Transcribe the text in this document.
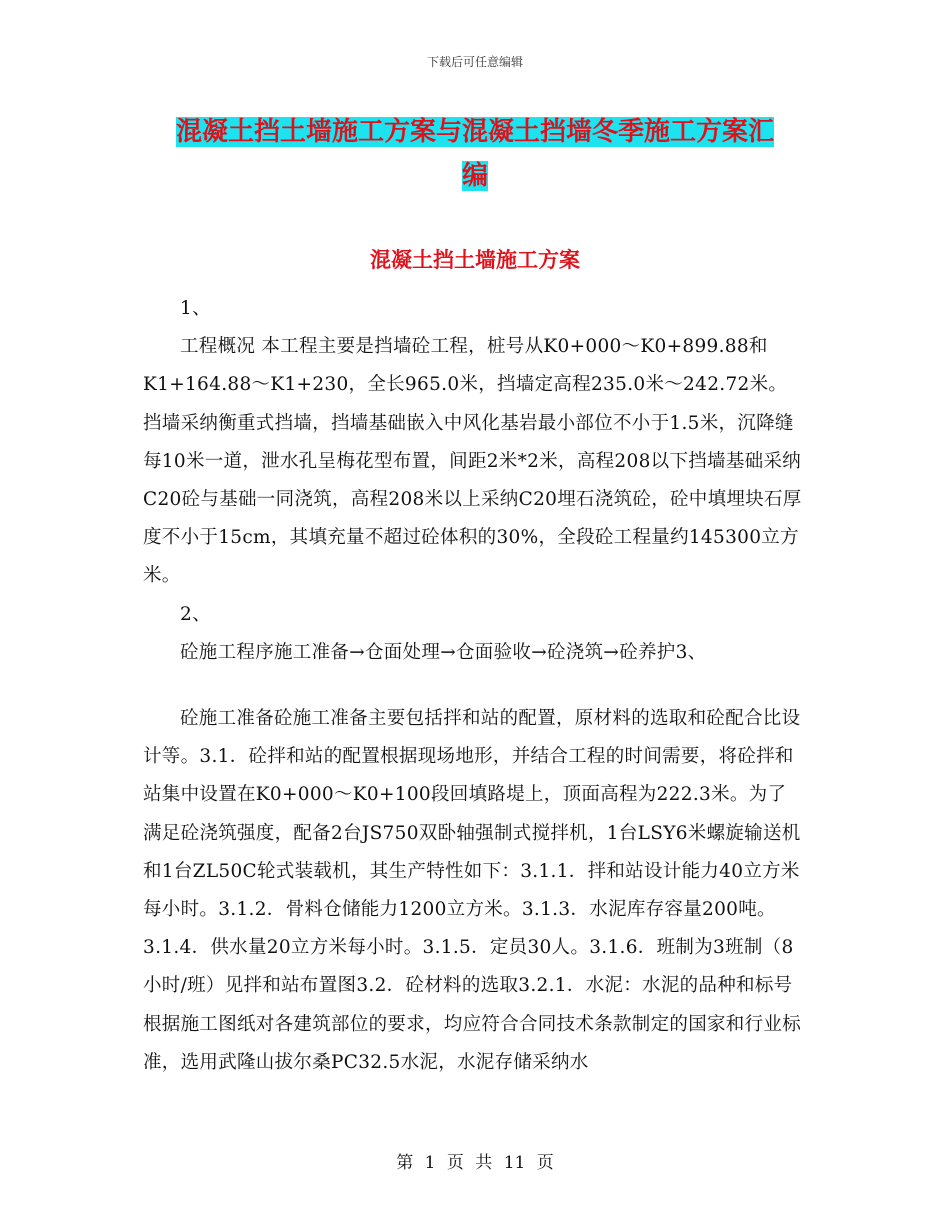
下载后可任意编辑
混凝土挡土墙施工方案与混凝土挡墙冬季施工方案汇
编
混凝土挡土墙施工方案

1、

工程概况 本工程主要是挡墙砼工程，桩号从K0+000～K0+899.88和K1+164.88～K1+230，全长965.0米，挡墙定高程235.0米～242.72米。挡墙采纳衡重式挡墙，挡墙基础嵌入中风化基岩最小部位不小于1.5米，沉降缝每10米一道，泄水孔呈梅花型布置，间距2米*2米，高程208以下挡墙基础采纳C20砼与基础一同浇筑，高程208米以上采纳C20埋石浇筑砼，砼中填埋块石厚度不小于15cm，其填充量不超过砼体积的30%，全段砼工程量约145300立方米。

2、

砼施工程序施工准备→仓面处理→仓面验收→砼浇筑→砼养护3、

砼施工准备砼施工准备主要包括拌和站的配置，原材料的选取和砼配合比设计等。3.1．砼拌和站的配置根据现场地形，并结合工程的时间需要，将砼拌和站集中设置在K0+000～K0+100段回填路堤上，顶面高程为222.3米。为了满足砼浇筑强度，配备2台JS750双卧轴强制式搅拌机，1台LSY6米螺旋输送机和1台ZL50C轮式装载机，其生产特性如下：3.1.1．拌和站设计能力40立方米每小时。3.1.2．骨料仓储能力1200立方米。3.1.3．水泥库存容量200吨。3.1.4．供水量20立方米每小时。3.1.5．定员30人。3.1.6．班制为3班制（8小时/班）见拌和站布置图3.2．砼材料的选取3.2.1．水泥：水泥的品种和标号根据施工图纸对各建筑部位的要求，均应符合合同技术条款制定的国家和行业标准，选用武隆山拔尔桑PC32.5水泥，水泥存储采纳水

第 1 页 共 11 页
